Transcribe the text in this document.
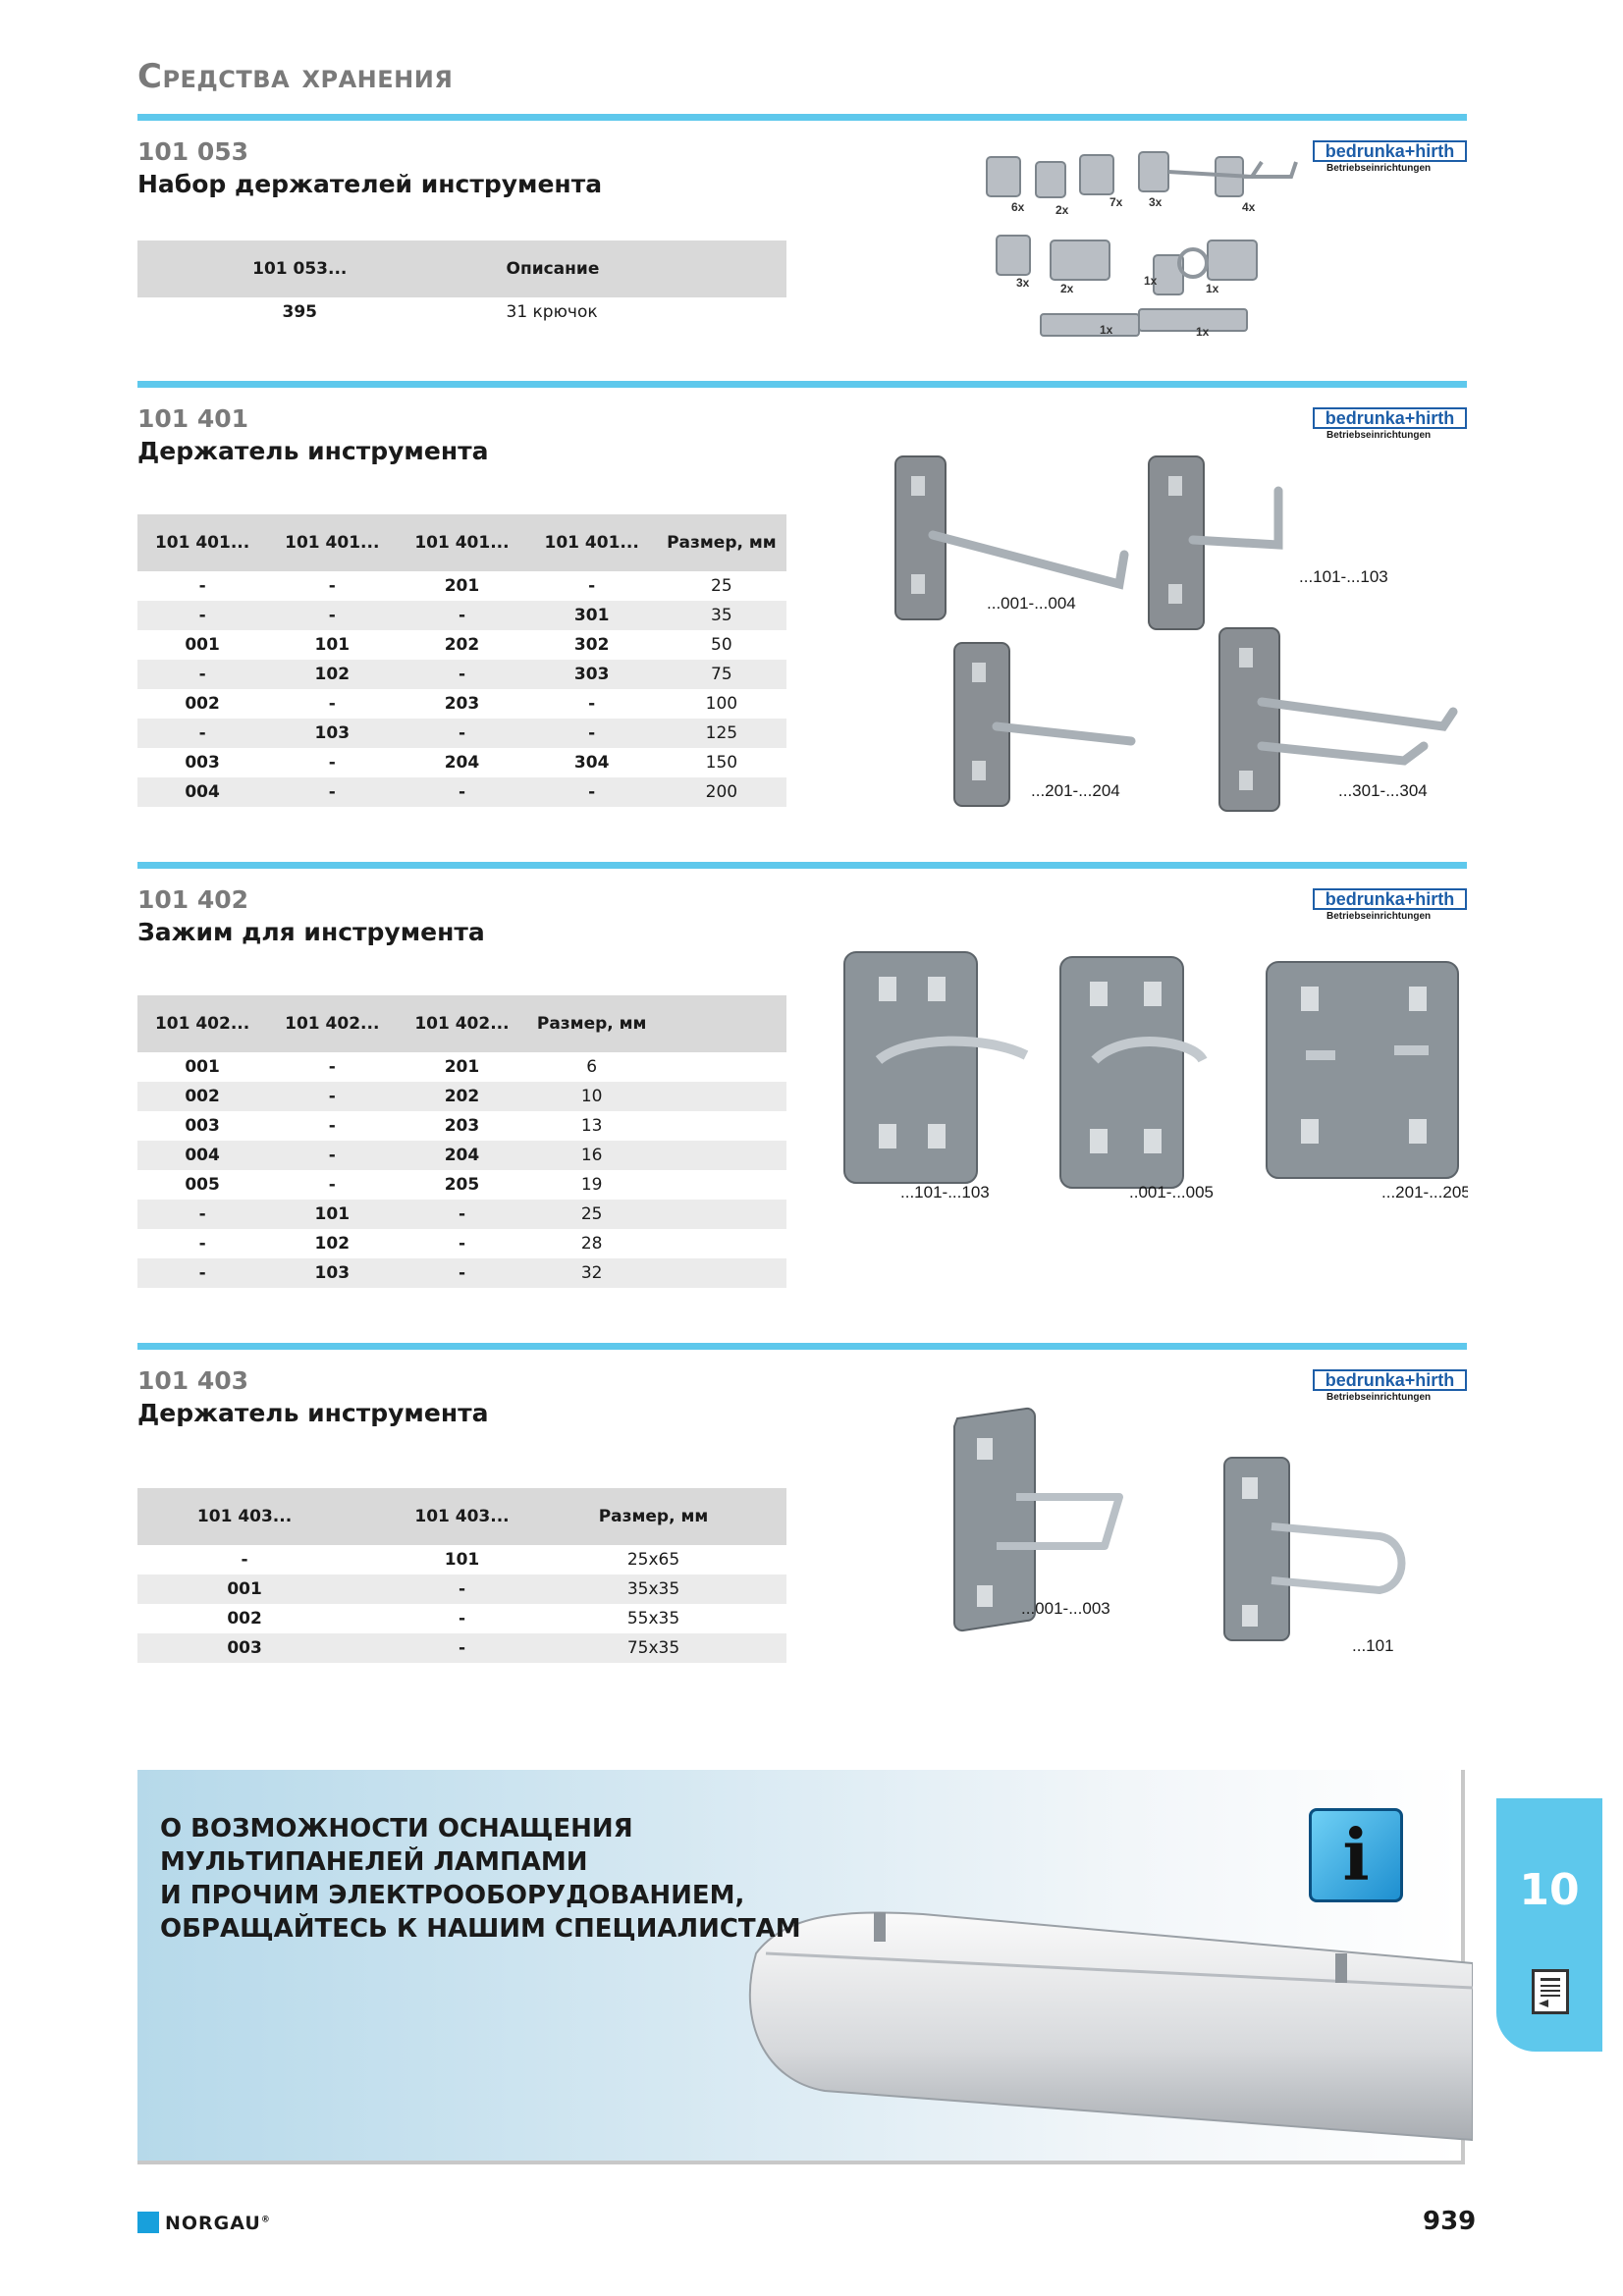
Средства хранения
101 053
Набор держателей инструмента
bedrunka+hirth
Betriebseinrichtungen
101 053...	Описание
395	31 крючок
6x	2x
7x 3x	4x
3x	2x
1x
1x
1x	1x
101 401
Держатель инструмента
bedrunka+hirth
Betriebseinrichtungen
101 401...	101 401...	101 401...	101 401...	Размер, мм
-	-	201	-	25
-	-	-	301	35
001	101	202	302	50
-	102	-	303	75
002	-	203	-	100
-	103	-	-	125
003	-	204	304	150
004	-	-	-	200
...001-...004
...101-...103
...201-...204	...301-...304
101 402
Зажим для инструмента
bedrunka+hirth
Betriebseinrichtungen
101 402...	101 402...	101 402...	Размер, мм	
001	-	201	6	
002	-	202	10	
003	-	203	13	
004	-	204	16	
005	-	205	19	
-	101	-	25	
-	102	-	28	
-	103	-	32	
...101-...103	..001-...005	...201-...205
101 403
Держатель инструмента
bedrunka+hirth
Betriebseinrichtungen
101 403...	101 403...	Размер, мм	
-	101	25x65	
001	-	35x35	
002	-	55x35	
003	-	75x35	
...001-...003
...101
О ВОЗМОЖНОСТИ ОСНАЩЕНИЯ
МУЛЬТИПАНЕЛЕЙ ЛАМПАМИ
И ПРОЧИМ ЭЛЕКТРООБОРУДОВАНИЕМ,
ОБРАЩАЙТЕСЬ К НАШИМ СПЕЦИАЛИСТАМ
i	10
NORGAU®	939
